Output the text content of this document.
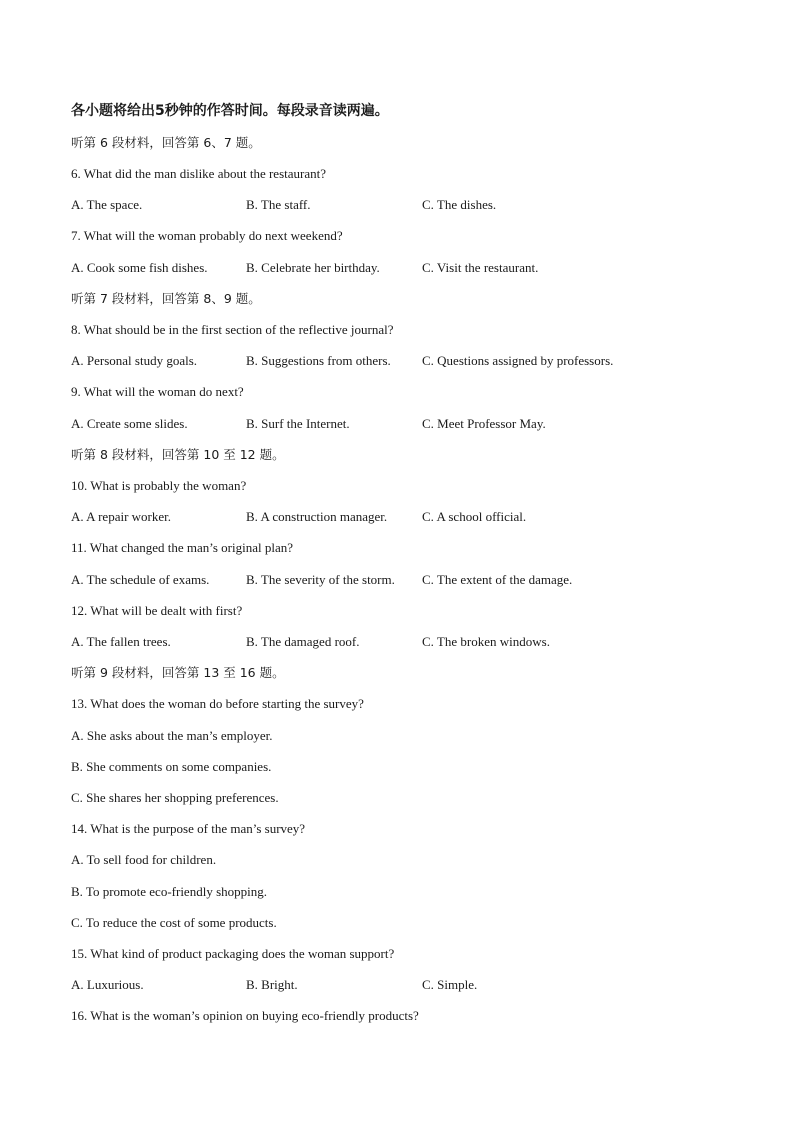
各小题将给出5秒钟的作答时间。每段录音读两遍。
听第 6 段材料，回答第 6、7 题。
6. What did the man dislike about the restaurant?
A. The space.	B. The staff.	C. The dishes.
7. What will the woman probably do next weekend?
A. Cook some fish dishes.	B. Celebrate her birthday.	C. Visit the restaurant.
听第 7 段材料，回答第 8、9 题。
8. What should be in the first section of the reflective journal?
A. Personal study goals.	B. Suggestions from others. C. Questions assigned by professors.
9. What will the woman do next?
A. Create some slides.	B. Surf the Internet.	C. Meet Professor May.
听第 8 段材料，回答第 10 至 12 题。
10. What is probably the woman?
A. A repair worker.	B. A construction manager.	C. A school official.
11. What changed the man’s original plan?
A. The schedule of exams.	B. The severity of the storm. C. The extent of the damage.
12. What will be dealt with first?
A. The fallen trees.	B. The damaged roof.	C. The broken windows.
听第 9 段材料，回答第 13 至 16 题。
13. What does the woman do before starting the survey?
A. She asks about the man’s employer.
B. She comments on some companies.
C. She shares her shopping preferences.
14. What is the purpose of the man’s survey?
A. To sell food for children.
B. To promote eco-friendly shopping.
C. To reduce the cost of some products.
15. What kind of product packaging does the woman support?
A. Luxurious.	B. Bright.	C. Simple.
16. What is the woman’s opinion on buying eco-friendly products?
